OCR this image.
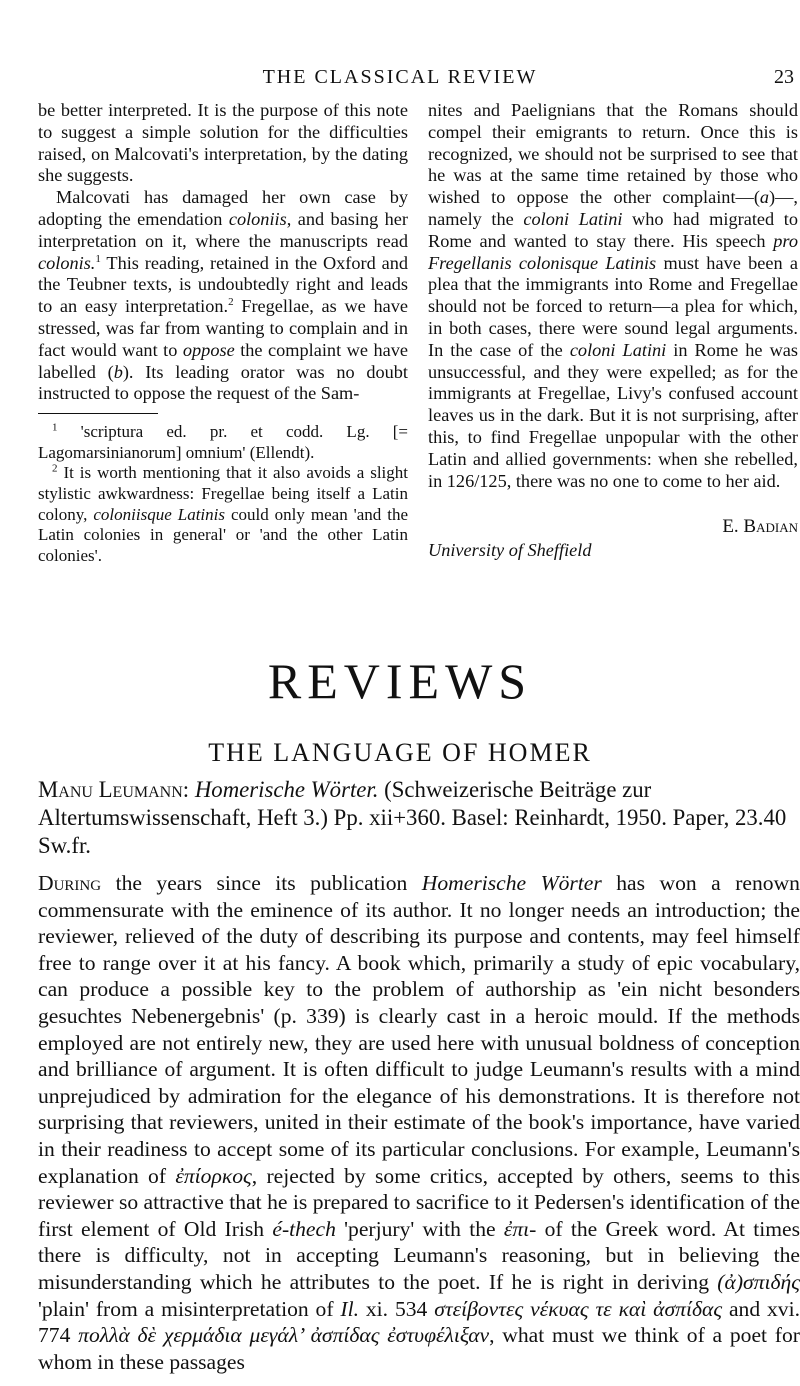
THE CLASSICAL REVIEW	23

be better interpreted. It is the purpose of this note to suggest a simple solution for the difficulties raised, on Malcovati's interpretation, by the dating she suggests.

Malcovati has damaged her own case by adopting the emendation coloniis, and basing her interpretation on it, where the manuscripts read colonis.$^1$ This reading, retained in the Oxford and the Teubner texts, is undoubtedly right and leads to an easy interpretation.$^2$ Fregellae, as we have stressed, was far from wanting to complain and in fact would want to oppose the complaint we have labelled (b). Its leading orator was no doubt instructed to oppose the request of the Sam-

$^1$ 'scriptura ed. pr. et codd. Lg. [= Lagomarsinianorum] omnium' (Ellendt).

$^2$ It is worth mentioning that it also avoids a slight stylistic awkwardness: Fregellae being itself a Latin colony, coloniisque Latinis could only mean 'and the Latin colonies in general' or 'and the other Latin colonies'.

nites and Paelignians that the Romans should compel their emigrants to return. Once this is recognized, we should not be surprised to see that he was at the same time retained by those who wished to oppose the other complaint—(a)—, namely the coloni Latini who had migrated to Rome and wanted to stay there. His speech pro Fregellanis colonisque Latinis must have been a plea that the immigrants into Rome and Fregellae should not be forced to return—a plea for which, in both cases, there were sound legal arguments. In the case of the coloni Latini in Rome he was unsuccessful, and they were expelled; as for the immigrants at Fregellae, Livy's confused account leaves us in the dark. But it is not surprising, after this, to find Fregellae unpopular with the other Latin and allied governments: when she rebelled, in 126/125, there was no one to come to her aid.

E. Badian
University of Sheffield
REVIEWS
THE LANGUAGE OF HOMER
Manu Leumann: Homerische Wörter. (Schweizerische Beiträge zur Altertumswissenschaft, Heft 3.) Pp. xii+360. Basel: Reinhardt, 1950. Paper, 23.40 Sw.fr.
During the years since its publication Homerische Wörter has won a renown commensurate with the eminence of its author. It no longer needs an introduction; the reviewer, relieved of the duty of describing its purpose and contents, may feel himself free to range over it at his fancy. A book which, primarily a study of epic vocabulary, can produce a possible key to the problem of authorship as 'ein nicht besonders gesuchtes Nebenergebnis' (p. 339) is clearly cast in a heroic mould. If the methods employed are not entirely new, they are used here with unusual boldness of conception and brilliance of argument. It is often difficult to judge Leumann's results with a mind unprejudiced by admiration for the elegance of his demonstrations. It is therefore not surprising that reviewers, united in their estimate of the book's importance, have varied in their readiness to accept some of its particular conclusions. For example, Leumann's explanation of ἐπίορκος, rejected by some critics, accepted by others, seems to this reviewer so attractive that he is prepared to sacrifice to it Pedersen's identification of the first element of Old Irish é-thech 'perjury' with the ἐπι- of the Greek word. At times there is difficulty, not in accepting Leumann's reasoning, but in believing the misunderstanding which he attributes to the poet. If he is right in deriving (ἀ)σπιδής 'plain' from a misinterpretation of Il. xi. 534 στείβοντες νέκυας τε καὶ ἀσπίδας and xvi. 774 πολλὰ δὲ χερμάδια μεγάλ’ ἀσπίδας ἐστυφέλιξαν, what must we think of a poet for whom in these passages
